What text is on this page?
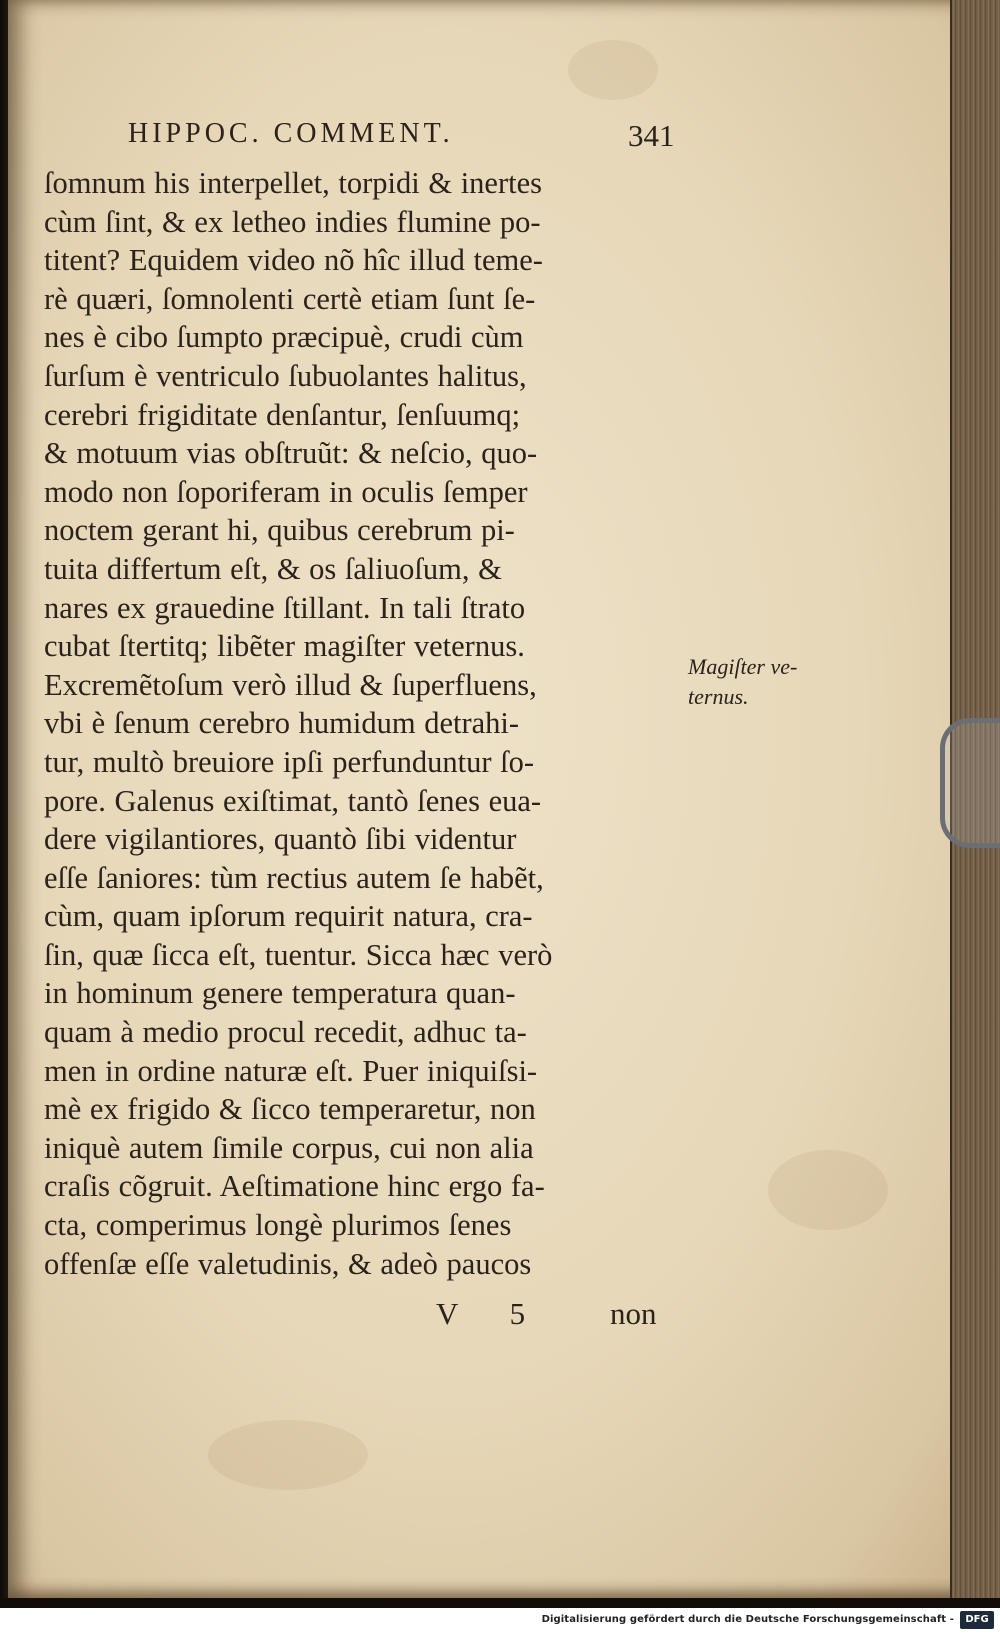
HIPPOC. COMMENT.	341
ſomnum his interpellet, torpidi & inertes
cùm ſint, & ex letheo indies flumine po-
titent? Equidem video nõ hîc illud teme-
rè quæri, ſomnolenti certè etiam ſunt ſe-
nes è cibo ſumpto præcipuè, crudi cùm
ſurſum è ventriculo ſubuolantes halitus,
cerebri frigiditate denſantur, ſenſuumq;
& motuum vias obſtruũt: & neſcio, quo-
modo non ſoporiferam in oculis ſemper
noctem gerant hi, quibus cerebrum pi-
tuita differtum eſt, & os ſaliuoſum, &
nares ex grauedine ſtillant. In tali ſtrato
cubat ſtertitq; libẽter magiſter veternus.
Excremẽtoſum verò illud & ſuperfluens,
vbi è ſenum cerebro humidum detrahi-
tur, multò breuiore ipſi perfunduntur ſo-
pore. Galenus exiſtimat, tantò ſenes eua-
dere vigilantiores, quantò ſibi videntur
eſſe ſaniores: tùm rectius autem ſe habẽt,
cùm, quam ipſorum requirit natura, cra-
ſin, quæ ſicca eſt, tuentur. Sicca hæc verò
in hominum genere temperatura quan-
quam à medio procul recedit, adhuc ta-
men in ordine naturæ eſt. Puer iniquiſsi-
mè ex frigido & ſicco temperaretur, non
iniquè autem ſimile corpus, cui non alia
craſis cõgruit. Aeſtimatione hinc ergo fa-
cta, comperimus longè plurimos ſenes
offenſæ eſſe valetudinis, & adeò paucos
Magiſter ve-
ternus.
V 5 non
Digitalisierung gefördert durch die Deutsche Forschungsgemeinschaft -	DFG
